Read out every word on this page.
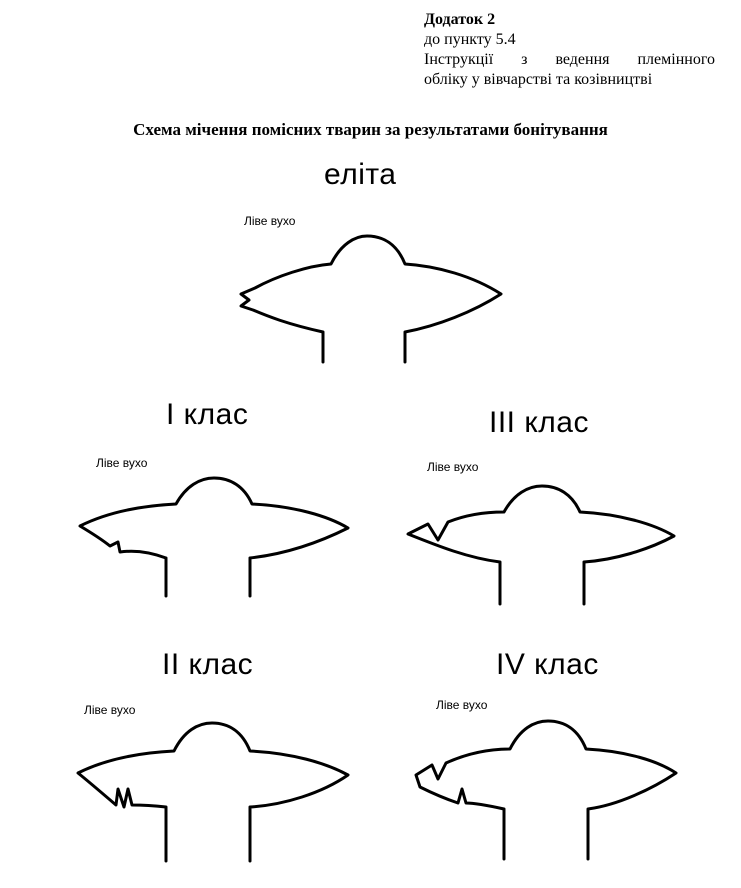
Додаток 2
до пункту 5.4
Інструкції з ведення племінного
обліку у вівчарстві та козівництві
Схема мічення помісних тварин за результатами бонітування
еліта
Ліве вухо
І клас
Ліве вухо
ІІІ клас
Ліве вухо
ІІ клас
Ліве вухо
ІV клас
Ліве вухо
